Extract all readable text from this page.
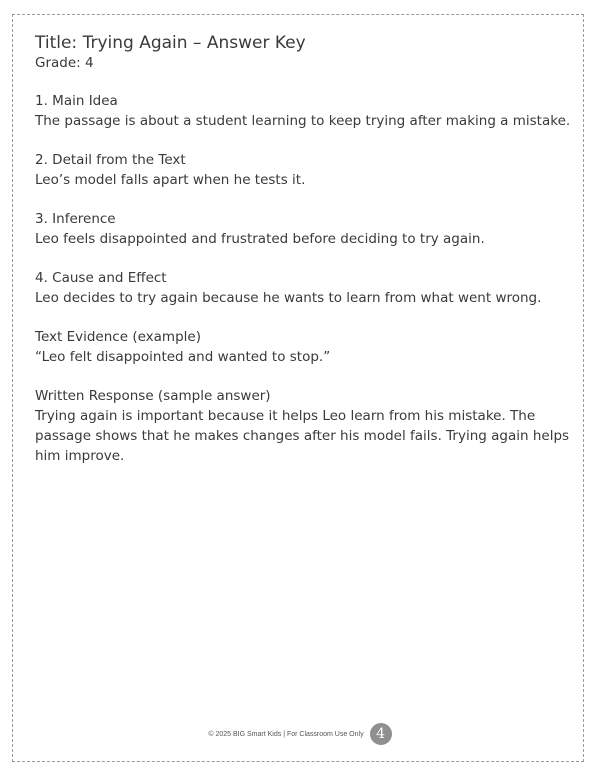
Title: Trying Again – Answer Key

Grade: 4

1. Main Idea

The passage is about a student learning to keep trying after making a mistake.

2. Detail from the Text

Leo’s model falls apart when he tests it.

3. Inference

Leo feels disappointed and frustrated before deciding to try again.

4. Cause and Effect

Leo decides to try again because he wants to learn from what went wrong.

Text Evidence (example)

“Leo felt disappointed and wanted to stop.”

Written Response (sample answer)

Trying again is important because it helps Leo learn from his mistake. The passage shows that he makes changes after his model fails. Trying again helps him improve.

© 2025 BIG Smart Kids | For Classroom Use Only 4
